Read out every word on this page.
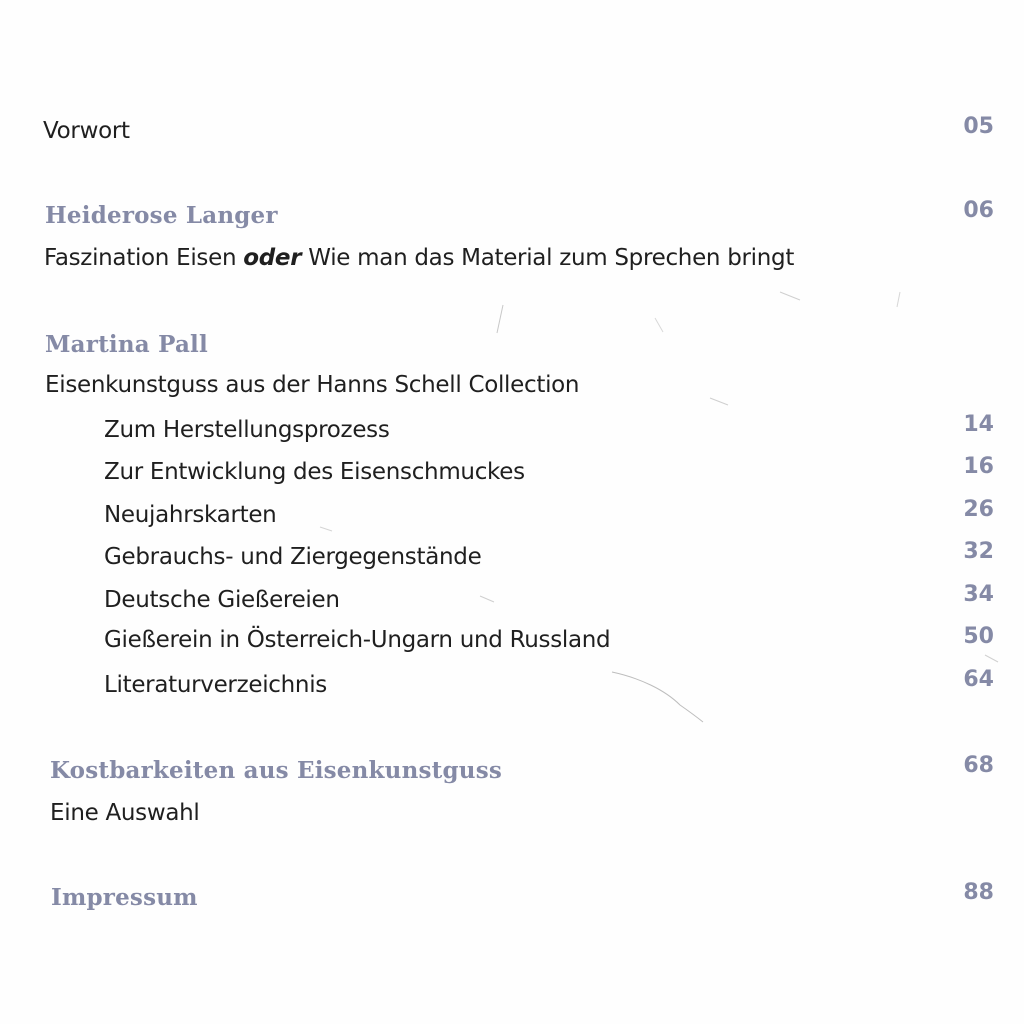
Vorwort	05
Heiderose Langer	06
Faszination Eisen oder Wie man das Material zum Sprechen bringt
Martina Pall
Eisenkunstguss aus der Hanns Schell Collection
Zum Herstellungsprozess	14
Zur Entwicklung des Eisenschmuckes	16
Neujahrskarten	26
Gebrauchs- und Ziergegenstände	32
Deutsche Gießereien	34
Gießerein in Österreich-Ungarn und Russland	50
Literaturverzeichnis	64
Kostbarkeiten aus Eisenkunstguss	68
Eine Auswahl
Impressum	88
